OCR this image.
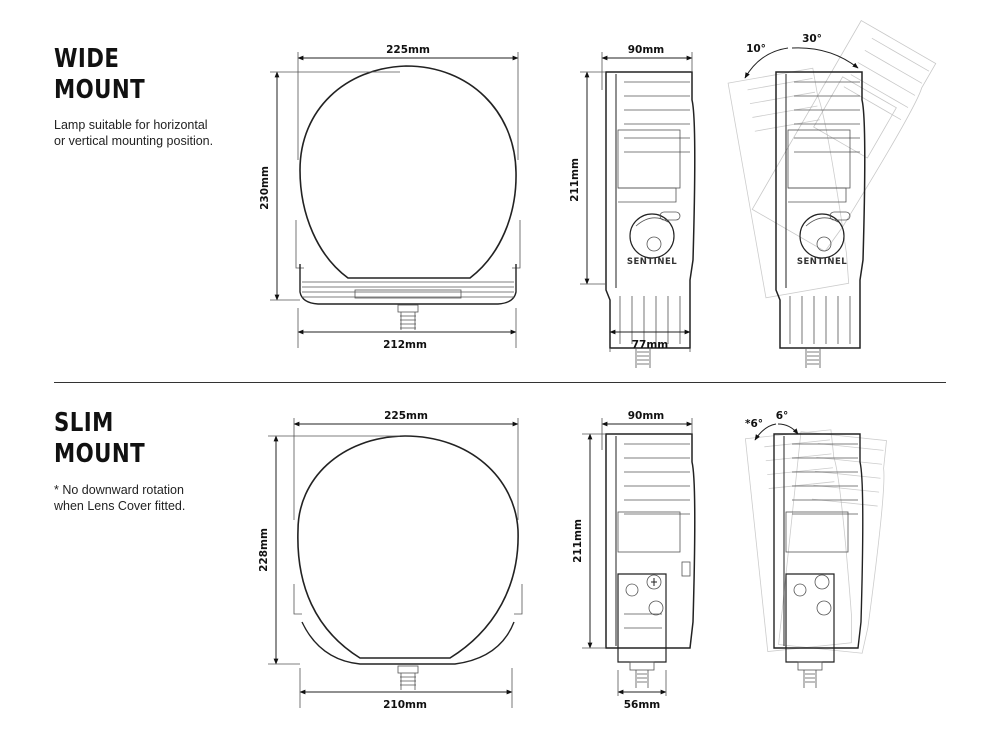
WIDE
MOUNT

Lamp suitable for horizontal
or vertical mounting position.

SLIM
MOUNT

* No downward rotation
when Lens Cover fitted.

225mm
230mm
212mm
SENTINEL
90mm
211mm
77mm
SENTINEL
10°
30°
225mm
228mm
210mm
90mm
211mm
56mm
*6°
6°
